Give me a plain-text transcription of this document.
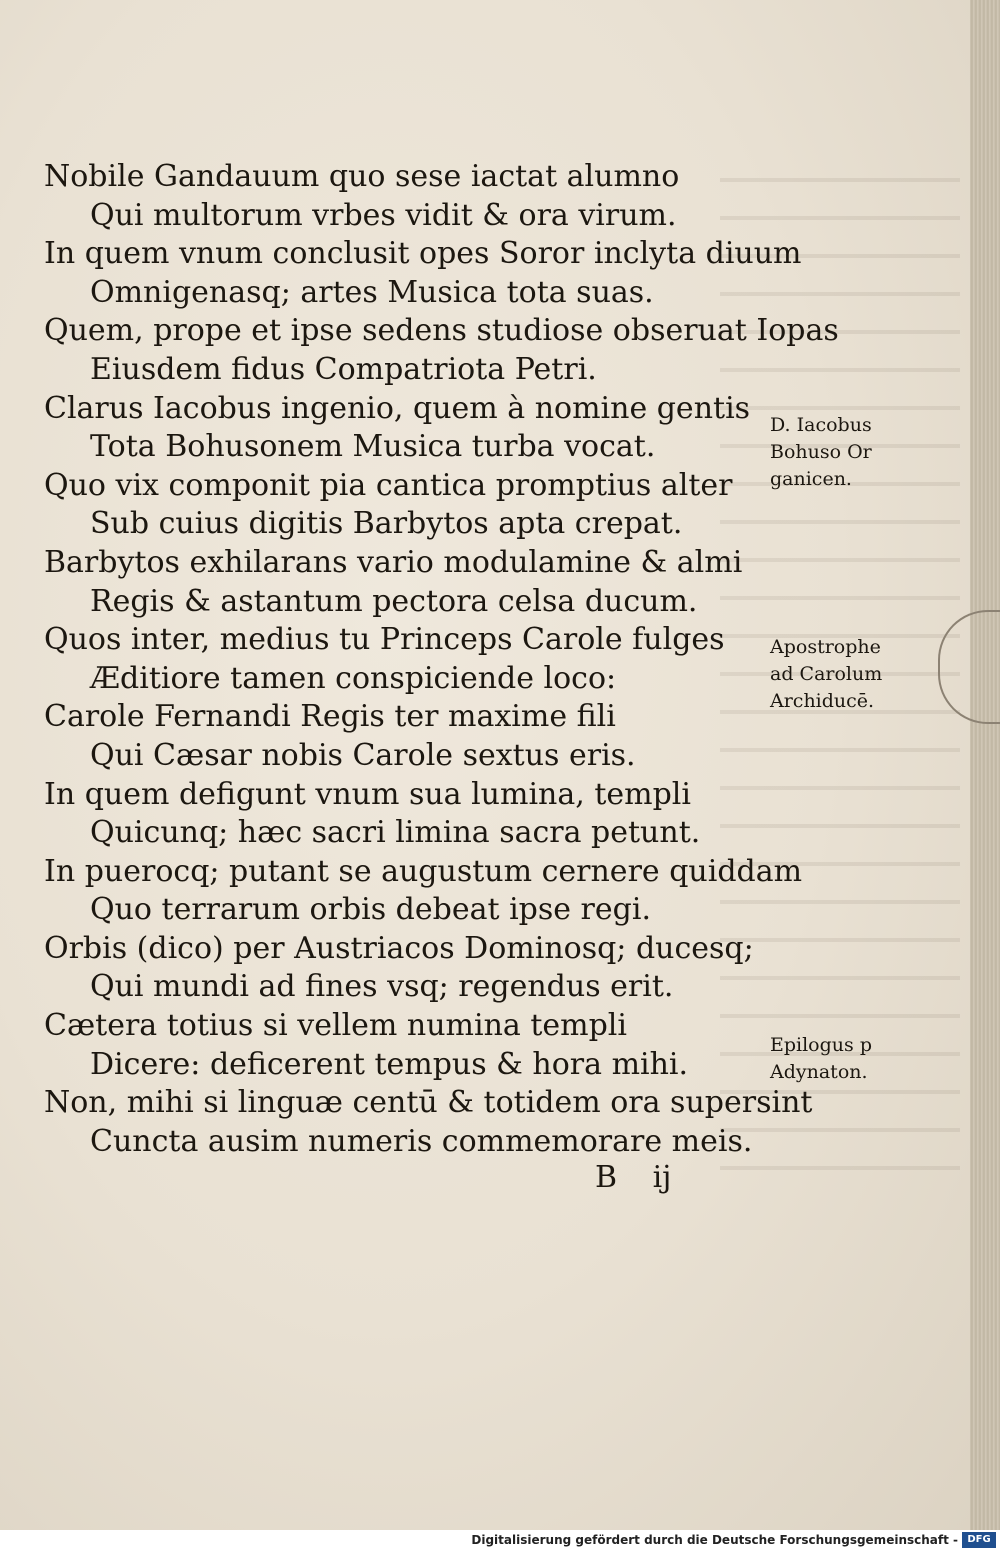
Nobile Gandauum quo sese iactat alumno
Qui multorum vrbes vidit & ora virum.
In quem vnum conclusit opes Soror inclyta diuum
Omnigenasq; artes Musica tota suas.
Quem, prope et ipse sedens studiose obseruat Iopas
Eiusdem fidus Compatriota Petri.
Clarus Iacobus ingenio, quem à nomine gentis
Tota Bohusonem Musica turba vocat.
Quo vix componit pia cantica promptius alter
Sub cuius digitis Barbytos apta crepat.
Barbytos exhilarans vario modulamine & almi
Regis & astantum pectora celsa ducum.
Quos inter, medius tu Princeps Carole fulges
Æditiore tamen conspiciende loco:
Carole Fernandi Regis ter maxime fili
Qui Cæsar nobis Carole sextus eris.
In quem defigunt vnum sua lumina, templi
Quicunq; hæc sacri limina sacra petunt.
In puerocq; putant se augustum cernere quiddam
Quo terrarum orbis debeat ipse regi.
Orbis (dico) per Austriacos Dominosq; ducesq;
Qui mundi ad fines vsq; regendus erit.
Cætera totius si vellem numina templi
Dicere: deficerent tempus & hora mihi.
Non, mihi si linguæ centū & totidem ora supersint
Cuncta ausim numeris commemorare meis.
D. Iacobus
Bohuso Or
ganicen.
Apostrophe
ad Carolum
Archiducē.
Epilogus p
Adynaton.
B ij
Digitalisierung gefördert durch die Deutsche Forschungsgemeinschaft - DFG
